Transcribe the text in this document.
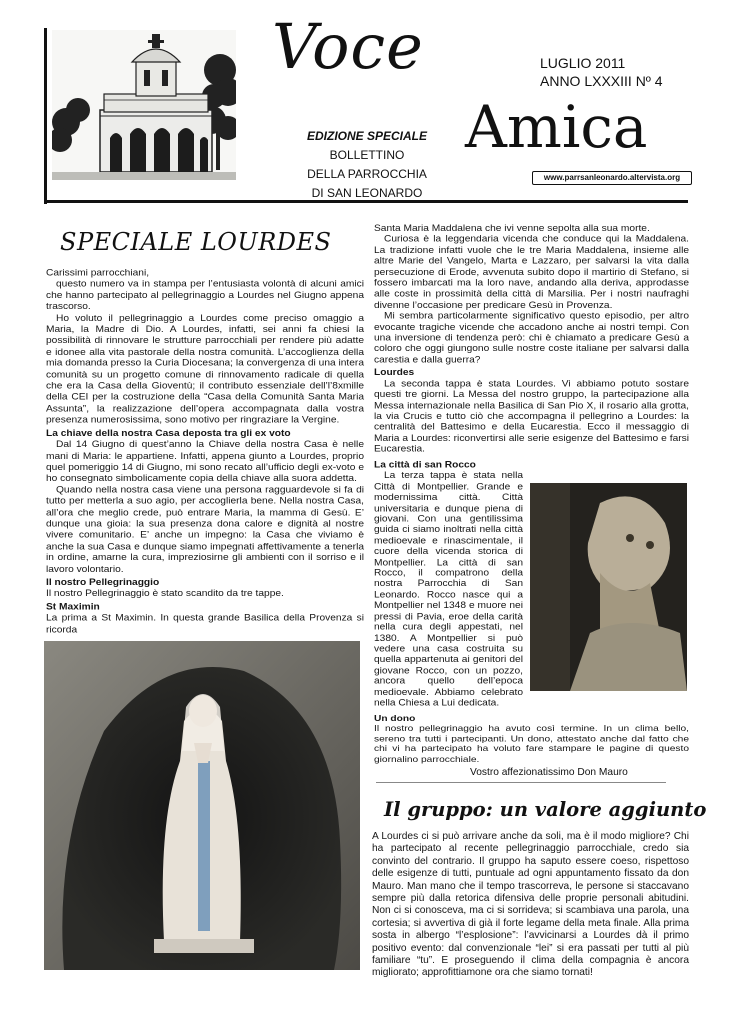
Voce
Amica
LUGLIO 2011
ANNO LXXXIII Nº 4
EDIZIONE SPECIALE
BOLLETTINO
DELLA PARROCCHIA
DI SAN LEONARDO
www.parrsanleonardo.altervista.org
SPECIALE LOURDES

Carissimi parrocchiani,

questo numero va in stampa per l’entusiasta volontà di alcuni amici che hanno partecipato al pellegrinaggio a Lourdes nel Giugno appena trascorso.

Ho voluto il pellegrinaggio a Lourdes come preciso omaggio a Maria, la Madre di Dio. A Lourdes, infatti, sei anni fa chiesi la possibilità di rinnovare le strutture parrocchiali per rendere più adatte e idonee alla vita pastorale della nostra comunità. L’accoglienza della mia domanda presso la Curia Diocesana; la convergenza di una intera comunità su un progetto comune di rinnovamento radicale di quella che era la Casa della Gioventù; il contributo essenziale dell’l’8xmille della CEI per la costruzione della “Casa della Comunità Santa Maria Assunta”, la realizzazione dell’opera accompagnata dalla vostra presenza numerosissima, sono motivo per ringraziare la Vergine.

La chiave della nostra Casa deposta tra gli ex voto

Dal 14 Giugno di quest’anno la Chiave della nostra Casa è nelle mani di Maria: le appartiene. Infatti, appena giunto a Lourdes, proprio quel pomeriggio 14 di Giugno, mi sono recato all’ufficio degli ex-voto e ho consegnato simbolicamente copia della chiave alla suora addetta.

Quando nella nostra casa viene una persona ragguardevole si fa di tutto per metterla a suo agio, per accoglierla bene. Nella nostra Casa, all’ora che meglio crede, può entrare Maria, la mamma di Gesù. E’ dunque una gioia: la sua presenza dona calore e dignità al nostre vivere comunitario. E’ anche un impegno: la Casa che viviamo è anche la sua Casa e dunque siamo impegnati affettivamente a tenerla in ordine, amarne la cura, impreziosirne gli ambienti con il sorriso e il lavoro volontario.

Il nostro Pellegrinaggio

Il nostro Pellegrinaggio è stato scandito da tre tappe.

St Maximin

La prima a St Maximin. In questa grande Basilica della Provenza si ricorda

Santa Maria Maddalena che ivi venne sepolta alla sua morte.

Curiosa è la leggendaria vicenda che conduce qui la Maddalena. La tradizione infatti vuole che le tre Maria Maddalena, insieme alle altre Marie del Vangelo, Marta e Lazzaro, per salvarsi la vita dalla persecuzione di Erode, avvenuta subito dopo il martirio di Stefano, si fossero imbarcati ma la loro nave, andando alla deriva, approdasse alle coste in prossimità della città di Marsilia. Per i nostri naufraghi divenne l’occasione per predicare Gesù in Provenza.

Mi sembra particolarmente significativo questo episodio, per altro evocante tragiche vicende che accadono anche ai nostri tempi. Con una inversione di tendenza però: chi è chiamato a predicare Gesù a coloro che oggi giungono sulle nostre coste italiane per salvarsi dalla carestia e dalla guerra?

Lourdes

La seconda tappa è stata Lourdes. Vi abbiamo potuto sostare questi tre giorni. La Messa del nostro gruppo, la partecipazione alla Messa internazionale nella Basilica di San Pio X, il rosario alla grotta, la via Crucis e tutto ciò che accompagna il pellegrino a Lourdes: la centralità del Battesimo e della Eucarestia. Ecco il messaggio di Maria a Lourdes: riconvertirsi alle serie esigenze del Battesimo e farsi Eucarestia.

La città di san Rocco

La terza tappa è stata nella Città di Montpellier. Grande e modernissima città. Città universitaria e dunque piena di giovani. Con una gentilissima guida ci siamo inoltrati nella città medioevale e rinascimentale, il cuore della vicenda storica di Montpellier. La città di san Rocco, il compatrono della nostra Parrocchia di San Leonardo. Rocco nasce qui a Montpellier nel 1348 e muore nei pressi di Pavia, eroe della carità nella cura degli appestati, nel 1380. A Montpellier si può vedere una casa costruita su quella appartenuta ai genitori del giovane Rocco, con un pozzo, ancora quello dell’epoca medioevale. Abbiamo celebrato nella Chiesa a Lui dedicata.

Un dono

Il nostro pellegrinaggio ha avuto così termine. In un clima bello, sereno tra tutti i partecipanti. Un dono, attestato anche dal fatto che chi vi ha partecipato ha voluto fare stampare le pagine di questo giornalino parrocchiale.

Vostro affezionatissimo Don Mauro
Il gruppo: un valore aggiunto
A Lourdes ci si può arrivare anche da soli, ma è il modo migliore? Chi ha partecipato al recente pellegrinaggio parrocchiale, credo sia convinto del contrario. Il gruppo ha saputo essere coeso, rispettoso delle esigenze di tutti, puntuale ad ogni appuntamento fissato da don Mauro. Man mano che il tempo trascorreva, le persone si staccavano sempre più dalla retorica difensiva delle proprie personali abitudini. Non ci si conosceva, ma ci si sorrideva; si scambiava una parola, una cortesia; si avvertiva di già il forte legame della meta finale. Alla prima sosta in albergo “l’esplosione”: l’avvicinarsi a Lourdes dà il primo positivo evento: dal convenzionale “lei” si era passati per tutti al più familiare “tu”. E proseguendo il clima della compagnia è ancora migliorato; approfittiamone ora che siamo tornati!
